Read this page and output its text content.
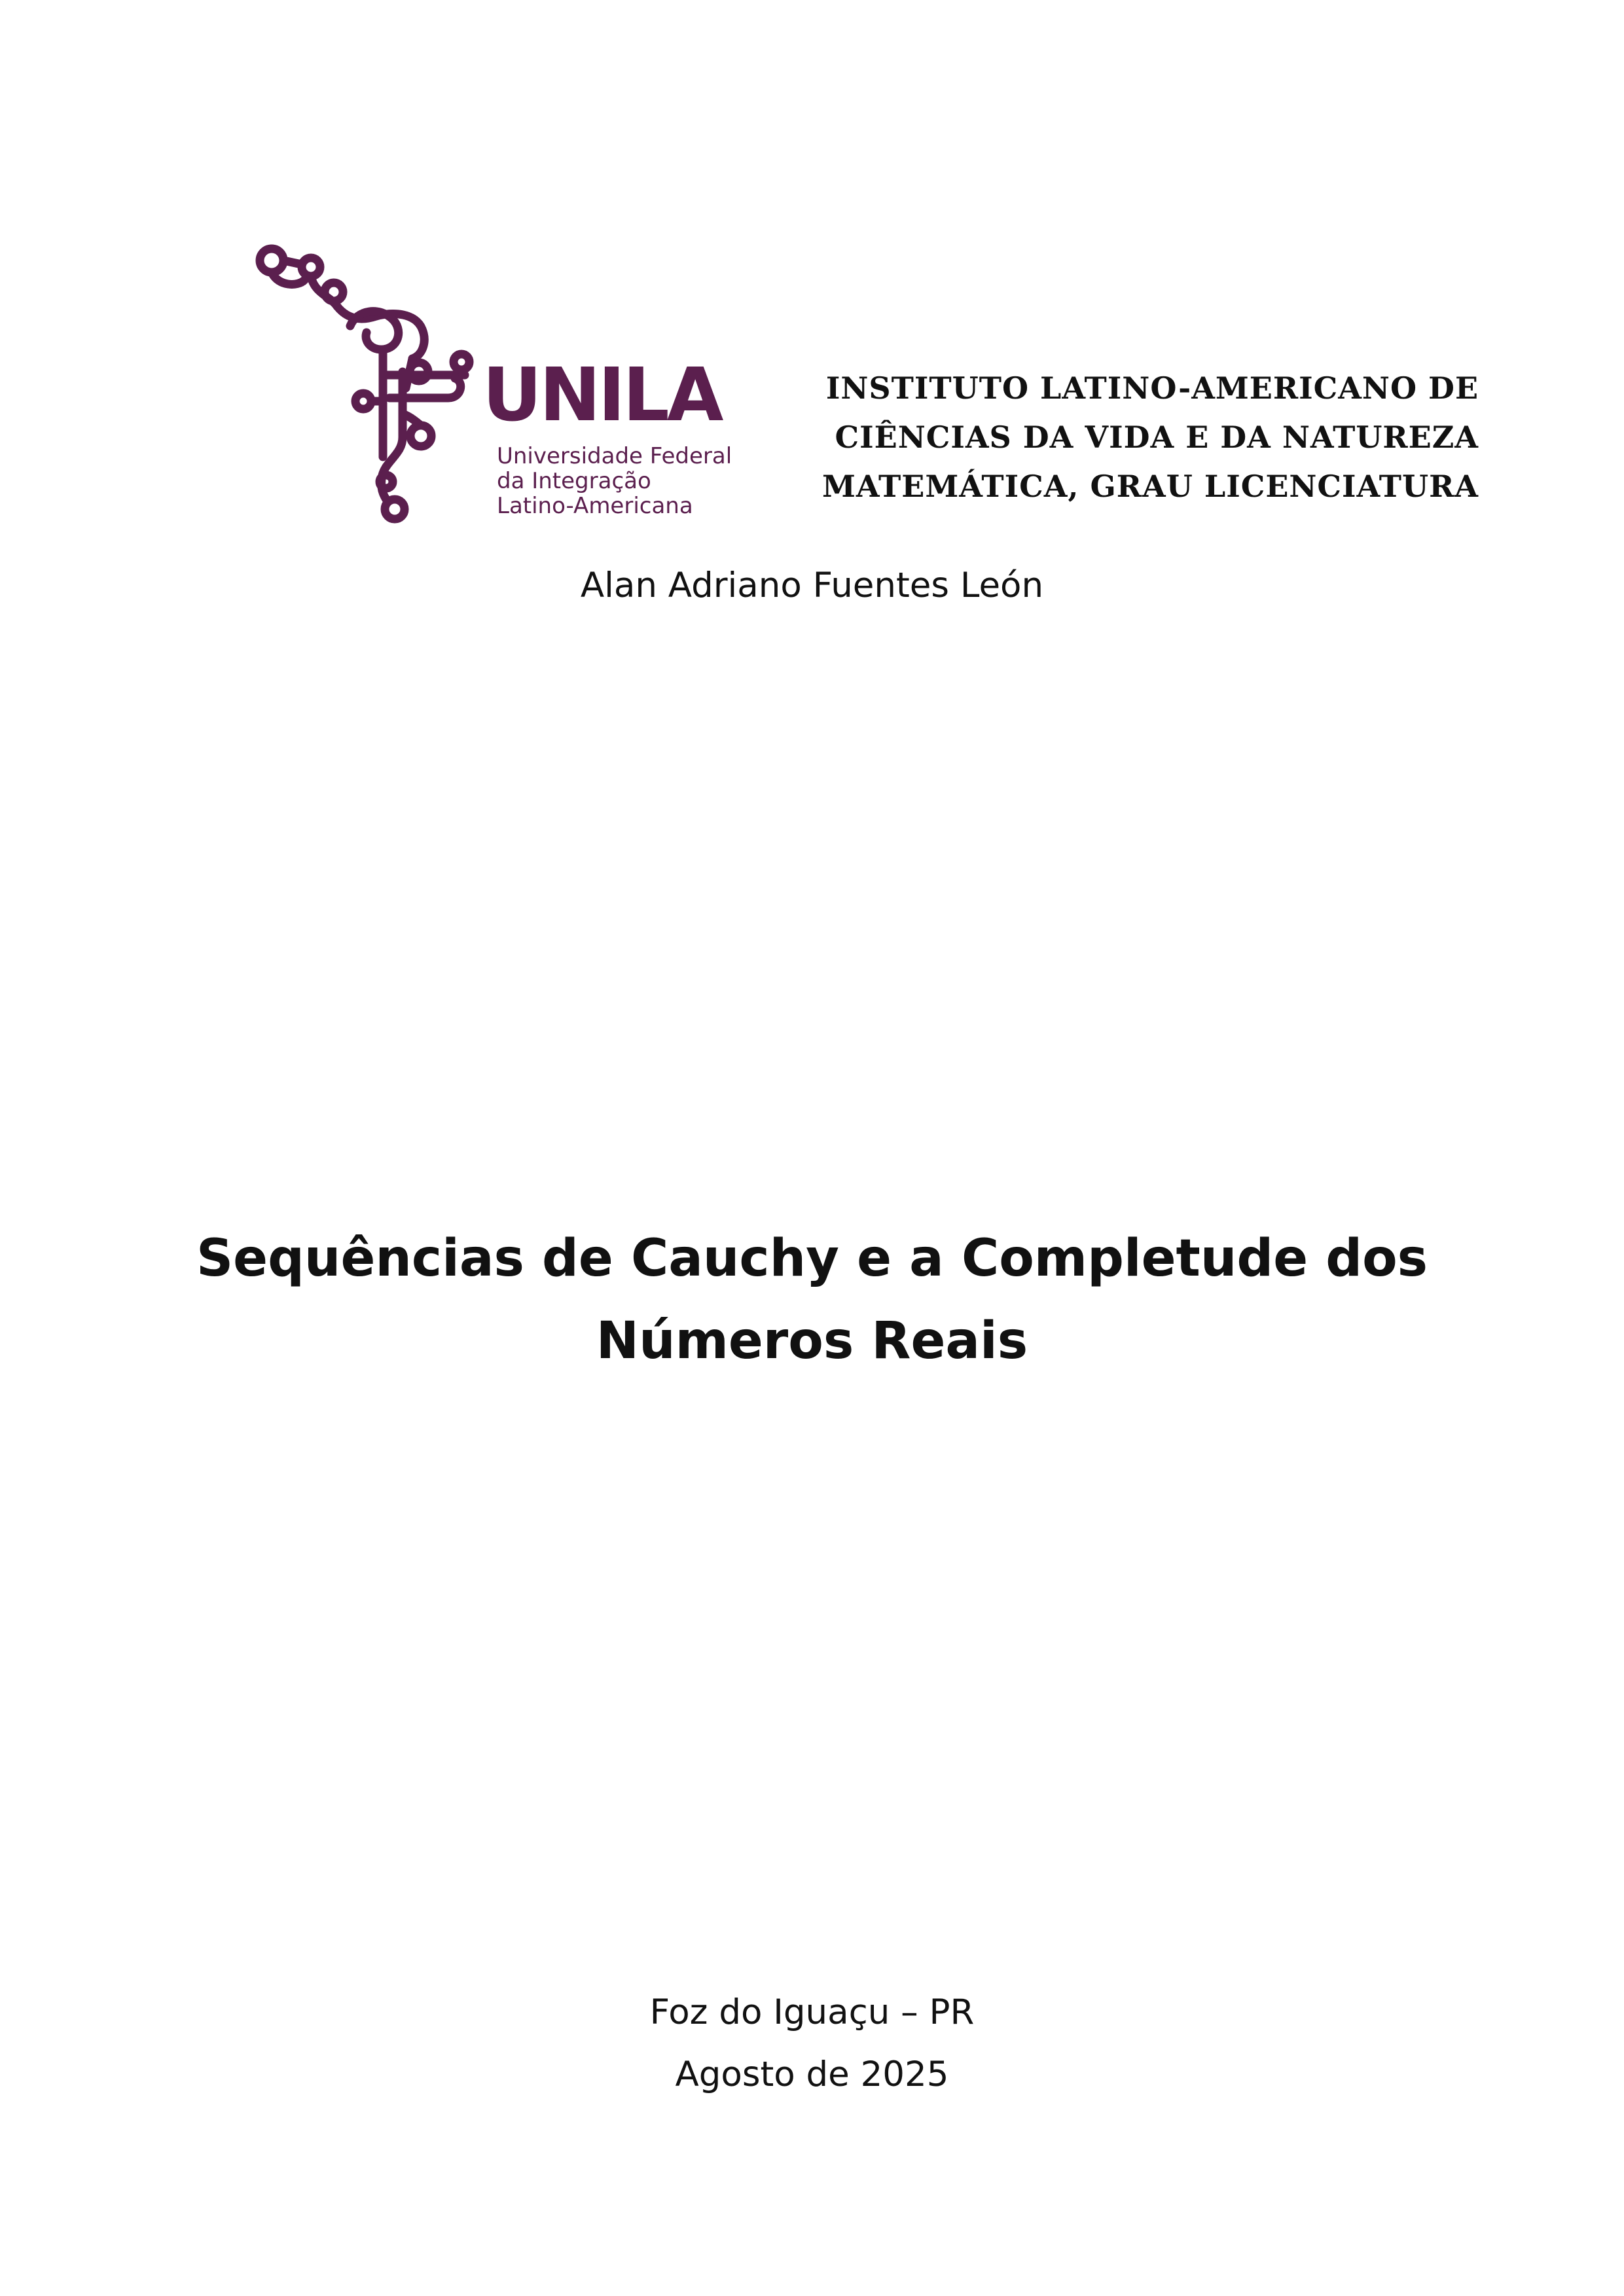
UNILA
Universidade Federal
da Integração
Latino-Americana
INSTITUTO LATINO-AMERICANO DE
CIÊNCIAS DA VIDA E DA NATUREZA
MATEMÁTICA, GRAU LICENCIATURA
Alan Adriano Fuentes León
Sequências de Cauchy e a Completude dos
Números Reais
Foz do Iguaçu – PR
Agosto de 2025
